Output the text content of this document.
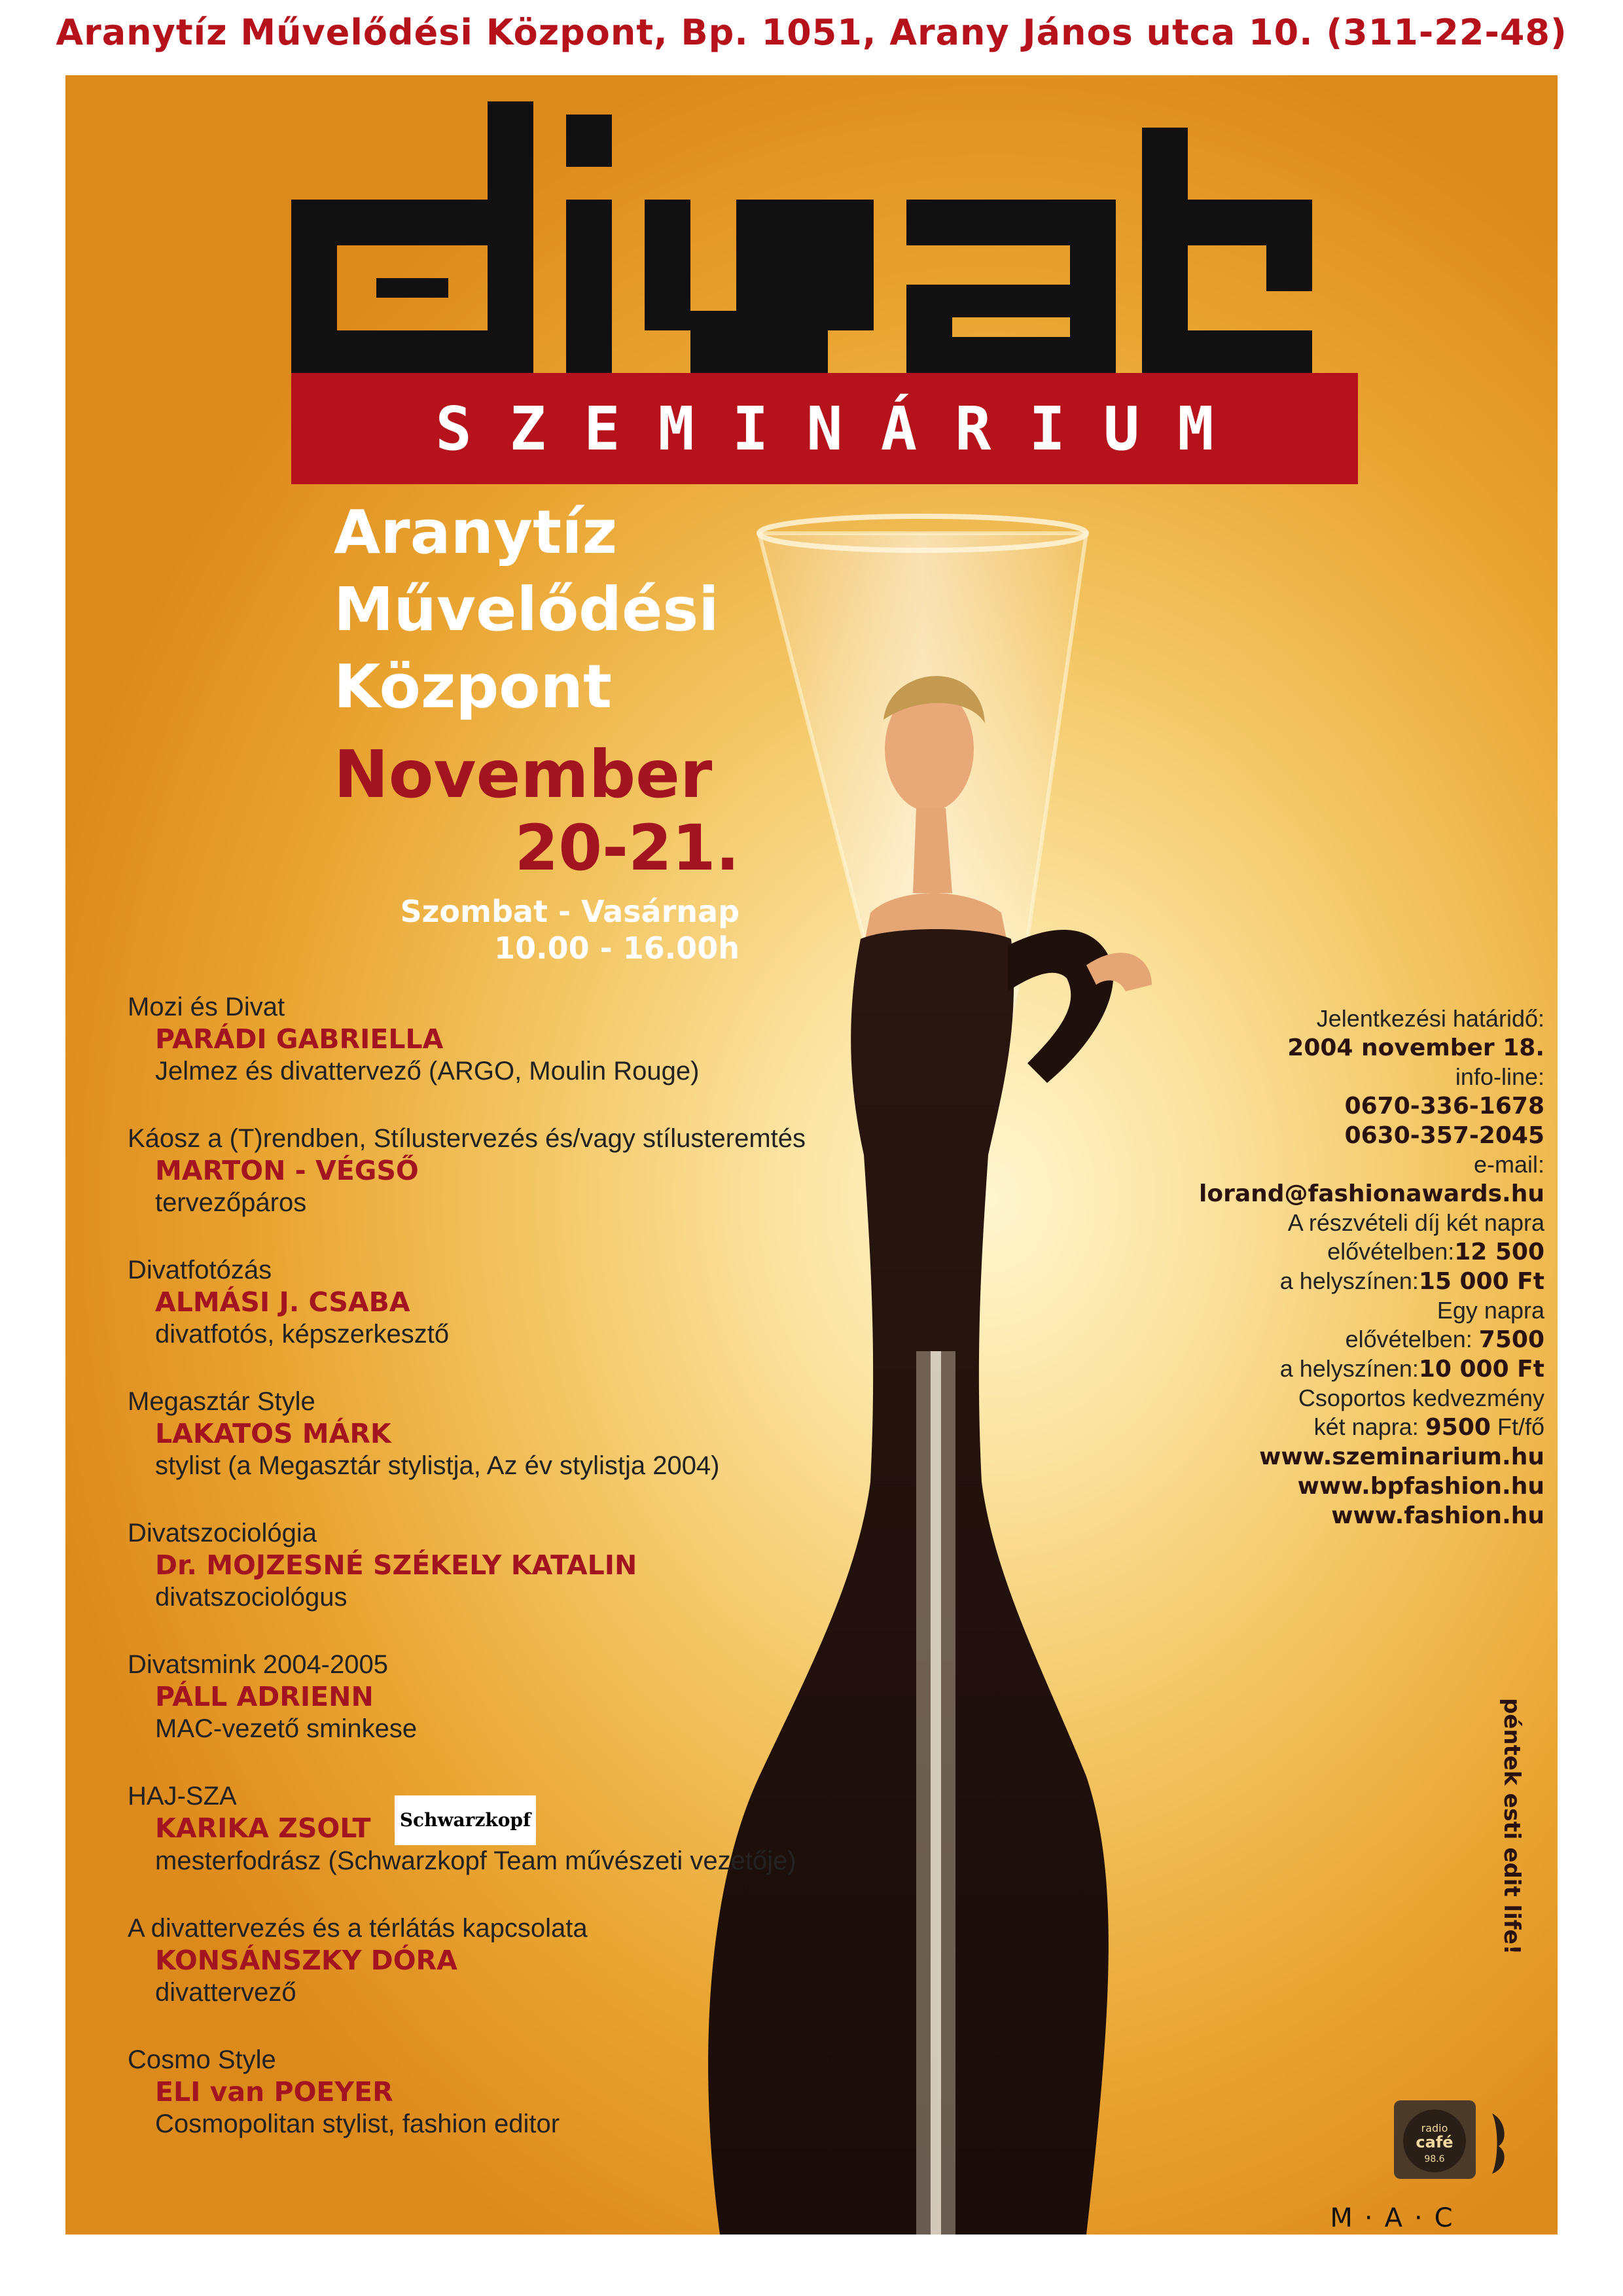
Aranytíz Művelődési Központ, Bp. 1051, Arany János utca 10. (311-22-48)
SZEMINÁRIUM
Aranytíz
Művelődési
Központ
November
20-21.
Szombat - Vasárnap
10.00 - 16.00h
Mozi és Divat
PARÁDI GABRIELLA
Jelmez és divattervező (ARGO, Moulin Rouge)
Káosz a (T)rendben, Stílustervezés és/vagy stílusteremtés
MARTON - VÉGSŐ
tervezőpáros
Divatfotózás
ALMÁSI J. CSABA
divatfotós, képszerkesztő
Megasztár Style
LAKATOS MÁRK
stylist (a Megasztár stylistja, Az év stylistja 2004)
Divatszociológia
Dr. MOJZESNÉ SZÉKELY KATALIN
divatszociológus
Divatsmink 2004-2005
PÁLL ADRIENN
MAC-vezető sminkese
HAJ-SZA
KARIKA ZSOLT Schwarzkopf
mesterfodrász (Schwarzkopf Team művészeti vezetője)
A divattervezés és a térlátás kapcsolata
KONSÁNSZKY DÓRA
divattervező
Cosmo Style
ELI van POEYER
Cosmopolitan stylist, fashion editor
Jelentkezési határidő:
2004 november 18.
info-line:
0670-336-1678
0630-357-2045
e-mail:
lorand@fashionawards.hu
A részvételi díj két napra
elővételben:12 500
a helyszínen:15 000 Ft
Egy napra
elővételben: 7500
a helyszínen:10 000 Ft
Csoportos kedvezmény
két napra: 9500 Ft/fő
www.szeminarium.hu
www.bpfashion.hu
www.fashion.hu
péntek esti edit life!
radio
café
98.6
M·A·C
